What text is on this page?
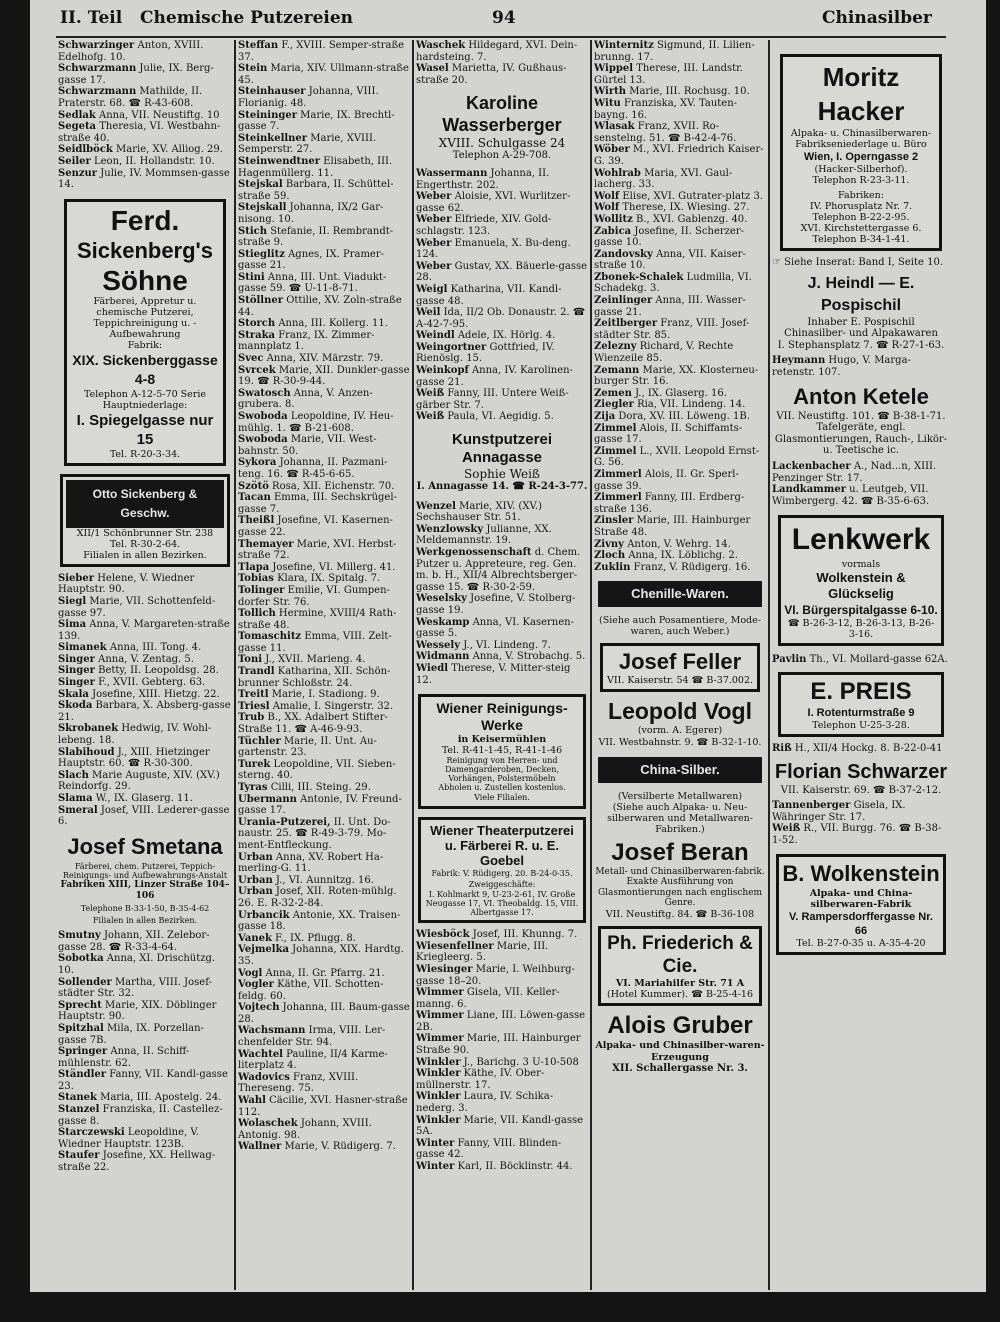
II. Teil Chemische Putzereien	94	Chinasilber

Schwarzinger Anton, XVIII. Edelhofg. 10.

Schwarzmann Julie, IX. Berg-gasse 17.

Schwarzmann Mathilde, II. Praterstr. 68. ☎ R-43-608.

Sedlak Anna, VII. Neustiftg. 10

Segeta Theresia, VI. Westbahn-straße 40.

Seidlböck Marie, XV. Alliog. 29.

Seiler Leon, II. Hollandstr. 10.

Senzur Julie, IV. Mommsen-gasse 14.

Ferd.
Sickenberg's
Söhne
Färberei, Appretur u. chemische Putzerei, Teppichreinigung u. -Aufbewahrung
Fabrik:
XIX. Sickenberggasse 4-8
Telephon A-12-5-70 Serie
Hauptniederlage:
I. Spiegelgasse nur 15
Tel. R-20-3-34.
Otto Sickenberg & Geschw.
XII/1 Schönbrunner Str. 238
Tel. R-30-2-64.
Filialen in allen Bezirken.

Sieber Helene, V. Wiedner Hauptstr. 90.

Siegl Marie, VII. Schottenfeld-gasse 97.

Sima Anna, V. Margareten-straße 139.

Simanek Anna, III. Tong. 4.

Singer Anna, V. Zentag. 5.

Singer Betty, II. Leopoldsg. 28.

Singer F., XVII. Gebterg. 63.

Skala Josefine, XIII. Hietzg. 22.

Skoda Barbara, X. Absberg-gasse 21.

Skrobanek Hedwig, IV. Wohl-lebeng. 18.

Slabihoud J., XIII. Hietzinger Hauptstr. 60. ☎ R-30-300.

Slach Marie Auguste, XIV. (XV.) Reindorfg. 29.

Slama W., IX. Glaserg. 11.

Smeral Josef, VIII. Lederer-gasse 6.

Josef Smetana
Färberei, chem. Putzerei, Teppich-Reinigungs- und Aufbewahrungs-Anstalt
Fabriken XIII, Linzer Straße 104–106
Telephone B-33-1-50, B-35-4-62
Filialen in allen Bezirken.

Smutny Johann, XII. Zelebor-gasse 28. ☎ R-33-4-64.

Sobotka Anna, XI. Drischützg. 10.

Sollender Martha, VIII. Josef-städter Str. 32.

Sprecht Marie, XIX. Döblinger Hauptstr. 90.

Spitzhal Mila, IX. Porzellan-gasse 7B.

Springer Anna, II. Schiff-mühlenstr. 62.

Ständler Fanny, VII. Kandl-gasse 23.

Stanek Maria, III. Apostelg. 24.

Stanzel Franziska, II. Castellez-gasse 8.

Starczewski Leopoldine, V. Wiedner Hauptstr. 123B.

Staufer Josefine, XX. Hellwag-straße 22.

Steffan F., XVIII. Semper-straße 37.

Stein Maria, XIV. Ullmann-straße 45.

Steinhauser Johanna, VIII. Florianig. 48.

Steininger Marie, IX. Brechtl-gasse 7.

Steinkellner Marie, XVIII. Semperstr. 27.

Steinwendtner Elisabeth, III. Hagenmüllerg. 11.

Stejskal Barbara, II. Schüttel-straße 59.

Stejskall Johanna, IX/2 Gar-nisong. 10.

Stich Stefanie, II. Rembrandt-straße 9.

Stieglitz Agnes, IX. Pramer-gasse 21.

Stini Anna, III. Unt. Viadukt-gasse 59. ☎ U-11-8-71.

Stöllner Ottilie, XV. Zoln-straße 44.

Storch Anna, III. Kollerg. 11.

Straka Franz, IX. Zimmer-mannplatz 1.

Svec Anna, XIV. Märzstr. 79.

Svrcek Marie, XII. Dunkler-gasse 19. ☎ R-30-9-44.

Swatosch Anna, V. Anzen-grubera. 8.

Swoboda Leopoldine, IV. Heu-mühlg. 1. ☎ B-21-608.

Swoboda Marie, VII. West-bahnstr. 50.

Sykora Johanna, II. Pazmani-teng. 16. ☎ R-45-6-65.

Szötö Rosa, XII. Eichenstr. 70.

Tacan Emma, III. Sechskrügel-gasse 7.

Theißl Josefine, VI. Kasernen-gasse 22.

Themayer Marie, XVI. Herbst-straße 72.

Tlapa Josefine, VI. Millerg. 41.

Tobias Klara, IX. Spitalg. 7.

Tolinger Emilie, VI. Gumpen-dorfer Str. 76.

Tollich Hermine, XVIII/4 Rath-straße 48.

Tomaschitz Emma, VIII. Zelt-gasse 11.

Toni J., XVII. Marieng. 4.

Trandl Katharina, XII. Schön-brunner Schloßstr. 24.

Treitl Marie, I. Stadiong. 9.

Triesl Amalie, I. Singerstr. 32.

Trub B., XX. Adalbert Stifter-Straße 11. ☎ A-46-9-93.

Tüchler Marie, II. Unt. Au-gartenstr. 23.

Turek Leopoldine, VII. Sieben-sterng. 40.

Tyras Cilli, III. Steing. 29.

Ubermann Antonie, IV. Freund-gasse 17.

Urania-Putzerei, II. Unt. Do-naustr. 25. ☎ R-49-3-79. Mo-ment-Entfleckung.

Urban Anna, XV. Robert Ha-merling-G. 11.

Urban J., VI. Aunnitzg. 16.

Urban Josef, XII. Roten-mühlg. 26. E. R-32-2-84.

Urbancik Antonie, XX. Traisen-gasse 18.

Vanek F., IX. Pflugg. 8.

Vejmelka Johanna, XIX. Hardtg. 35.

Vogl Anna, II. Gr. Pfarrg. 21.

Vogler Käthe, VII. Schotten-feldg. 60.

Vojtech Johanna, III. Baum-gasse 28.

Wachsmann Irma, VIII. Ler-chenfelder Str. 94.

Wachtel Pauline, II/4 Karme-literplatz 4.

Wadovics Franz, XVIII. Thereseng. 75.

Wahl Cäcilie, XVI. Hasner-straße 112.

Wolaschek Johann, XVIII. Antonig. 98.

Wallner Marie, V. Rüdigerg. 7.

Waschek Hildegard, XVI. Dein-hardsteing. 7.

Wasel Marietta, IV. Gußhaus-straße 20.

Karoline Wasserberger
XVIII. Schulgasse 24
Telephon A-29-708.

Wassermann Johanna, II. Engerthstr. 202.

Weber Aloisie, XVI. Wurlitzer-gasse 62.

Weber Elfriede, XIV. Gold-schlagstr. 123.

Weber Emanuela, X. Bu-deng. 124.

Weber Gustav, XX. Bäuerle-gasse 28.

Weigl Katharina, VII. Kandl-gasse 48.

Weil Ida, II/2 Ob. Donaustr. 2. ☎ A-42-7-95.

Weindl Adele, IX. Hörlg. 4.

Weingortner Gottfried, IV. Rienöslg. 15.

Weinkopf Anna, IV. Karolinen-gasse 21.

Weiß Fanny, III. Untere Weiß-gärber Str. 7.

Weiß Paula, VI. Aegidig. 5.

Kunstputzerei Annagasse
Sophie Weiß
I. Annagasse 14. ☎ R-24-3-77.

Wenzel Marie, XIV. (XV.) Sechshauser Str. 51.

Wenzlowsky Julianne, XX. Meldemannstr. 19.

Werkgenossenschaft d. Chem. Putzer u. Appreteure, reg. Gen. m. b. H., XII/4 Albrechtsberger-gasse 15. ☎ R-30-2-59.

Weselsky Josefine, V. Stolberg-gasse 19.

Weskamp Anna, VI. Kasernen-gasse 5.

Wessely J., VI. Lindeng. 7.

Widmann Anna, V. Strobachg. 5.

Wiedl Therese, V. Mitter-steig 12.

Wiener Reinigungs-Werke
in Keisermühlen
Tel. R-41-1-45, R-41-1-46
Reinigung von Herren- und Damengarderoben, Decken, Vorhängen, Polstermöbeln
Abholen u. Zustellen kostenlos.
Viele Filialen.
Wiener Theaterputzerei u. Färberei R. u. E. Goebel
Fabrik: V. Rüdigerg. 20. B-24-0-35.
Zweiggeschäfte:
I. Kohlmarkt 9, U-23-2-61, IV. Große Neugasse 17, VI. Theobaldg. 15, VIII. Albertgasse 17.

Wiesböck Josef, III. Khunng. 7.

Wiesenfellner Marie, III. Kriegleerg. 5.

Wiesinger Marie, I. Weihburg-gasse 18–20.

Wimmer Gisela, VII. Keller-manng. 6.

Wimmer Liane, III. Löwen-gasse 2B.

Wimmer Marie, III. Hainburger Straße 90.

Winkler J., Barichg. 3 U-10-508

Winkler Käthe, IV. Ober-müllnerstr. 17.

Winkler Laura, IV. Schika-nederg. 3.

Winkler Marie, VII. Kandl-gasse 5A.

Winter Fanny, VIII. Blinden-gasse 42.

Winter Karl, II. Böcklinstr. 44.

Winternitz Sigmund, II. Lilien-brunng. 17.

Wippel Therese, III. Landstr. Gürtel 13.

Wirth Marie, III. Rochusg. 10.

Witu Franziska, XV. Tauten-bayng. 16.

Wlasak Franz, XVII. Ro-senstelng. 51. ☎ B-42-4-76.

Wöber M., XVI. Friedrich Kaiser-G. 39.

Wohlrab Maria, XVI. Gaul-lacherg. 33.

Wolf Elise, XVI. Gutrater-platz 3.

Wolf Therese, IX. Wiesing. 27.

Wollitz B., XVI. Gablenzg. 40.

Zabica Josefine, II. Scherzer-gasse 10.

Zandovsky Anna, VII. Kaiser-straße 10.

Zbonek-Schalek Ludmilla, VI. Schadekg. 3.

Zeinlinger Anna, III. Wasser-gasse 21.

Zeitlberger Franz, VIII. Josef-städter Str. 85.

Zelezny Richard, V. Rechte Wienzeile 85.

Zemann Marie, XX. Klosterneu-burger Str. 16.

Zemen J., IX. Glaserg. 16.

Ziegler Ria, VII. Lindeng. 14.

Zija Dora, XV. III. Löweng. 1B.

Zimmel Alois, II. Schiffamts-gasse 17.

Zimmel L., XVII. Leopold Ernst-G. 56.

Zimmerl Alois, II. Gr. Sperl-gasse 39.

Zimmerl Fanny, III. Erdberg-straße 136.

Zinsler Marie, III. Hainburger Straße 48.

Zivny Anton, V. Wehrg. 14.

Zloch Anna, IX. Löblichg. 2.

Zuklin Franz, V. Rüdigerg. 16.

Chenille-Waren.
(Siehe auch Posamentiere, Mode-waren, auch Weber.)
Josef Feller
VII. Kaiserstr. 54 ☎ B-37.002.
Leopold Vogl
(vorm. A. Egerer)
VII. Westbahnstr. 9. ☎ B-32-1-10.
China-Silber.
(Versilberte Metallwaren)
(Siehe auch Alpaka- u. Neu-silberwaren und Metallwaren-Fabriken.)
Josef Beran
Metall- und Chinasilberwaren-fabrik. Exakte Ausführung von Glasmontierungen nach englischem Genre.
VII. Neustiftg. 84. ☎ B-36-108
Ph. Friederich & Cie.
VI. Mariahilfer Str. 71 A
(Hotel Kummer). ☎ B-25-4-16
Alois Gruber
Alpaka- und Chinasilber-waren-Erzeugung
XII. Schallergasse Nr. 3.
Moritz Hacker
Alpaka- u. Chinasilberwaren-Fabrikseniederlage u. Büro
Wien, I. Operngasse 2
(Hacker-Silberhof).
Telephon R-23-3-11.
Fabriken:
IV. Phorusplatz Nr. 7.
Telephon B-22-2-95.
XVI. Kirchstettergasse 6.
Telephon B-34-1-41.

☞ Siehe Inserat: Band I, Seite 10.

J. Heindl — E. Pospischil
Inhaber E. Pospischil
Chinasilber- und Alpakawaren
I. Stephansplatz 7. ☎ R-27-1-63.

Heymann Hugo, V. Marga-retenstr. 107.

Anton Ketele
VII. Neustiftg. 101. ☎ B-38-1-71.
Tafelgeräte, engl. Glasmontierungen, Rauch-, Likör- u. Teetische ic.

Lackenbacher A., Nad...n, XIII. Penzinger Str. 17.

Landkammer u. Leutgeb, VII. Wimbergerg. 42. ☎ B-35-6-63.

Lenkwerk
vormals
Wolkenstein & Glückselig
VI. Bürgerspitalgasse 6-10.
☎ B-26-3-12, B-26-3-13, B-26-3-16.

Pavlin Th., VI. Mollard-gasse 62A.

E. PREIS
I. Rotenturmstraße 9
Telephon U-25-3-28.

Riß H., XII/4 Hockg. 8. B-22-0-41

Florian Schwarzer
VII. Kaiserstr. 69. ☎ B-37-2-12.

Tannenberger Gisela, IX. Währinger Str. 17.

Weiß R., VII. Burgg. 76. ☎ B-38-1-52.

B. Wolkenstein
Alpaka- und China-silberwaren-Fabrik
V. Rampersdorffergasse Nr. 66
Tel. B-27-0-35 u. A-35-4-20
